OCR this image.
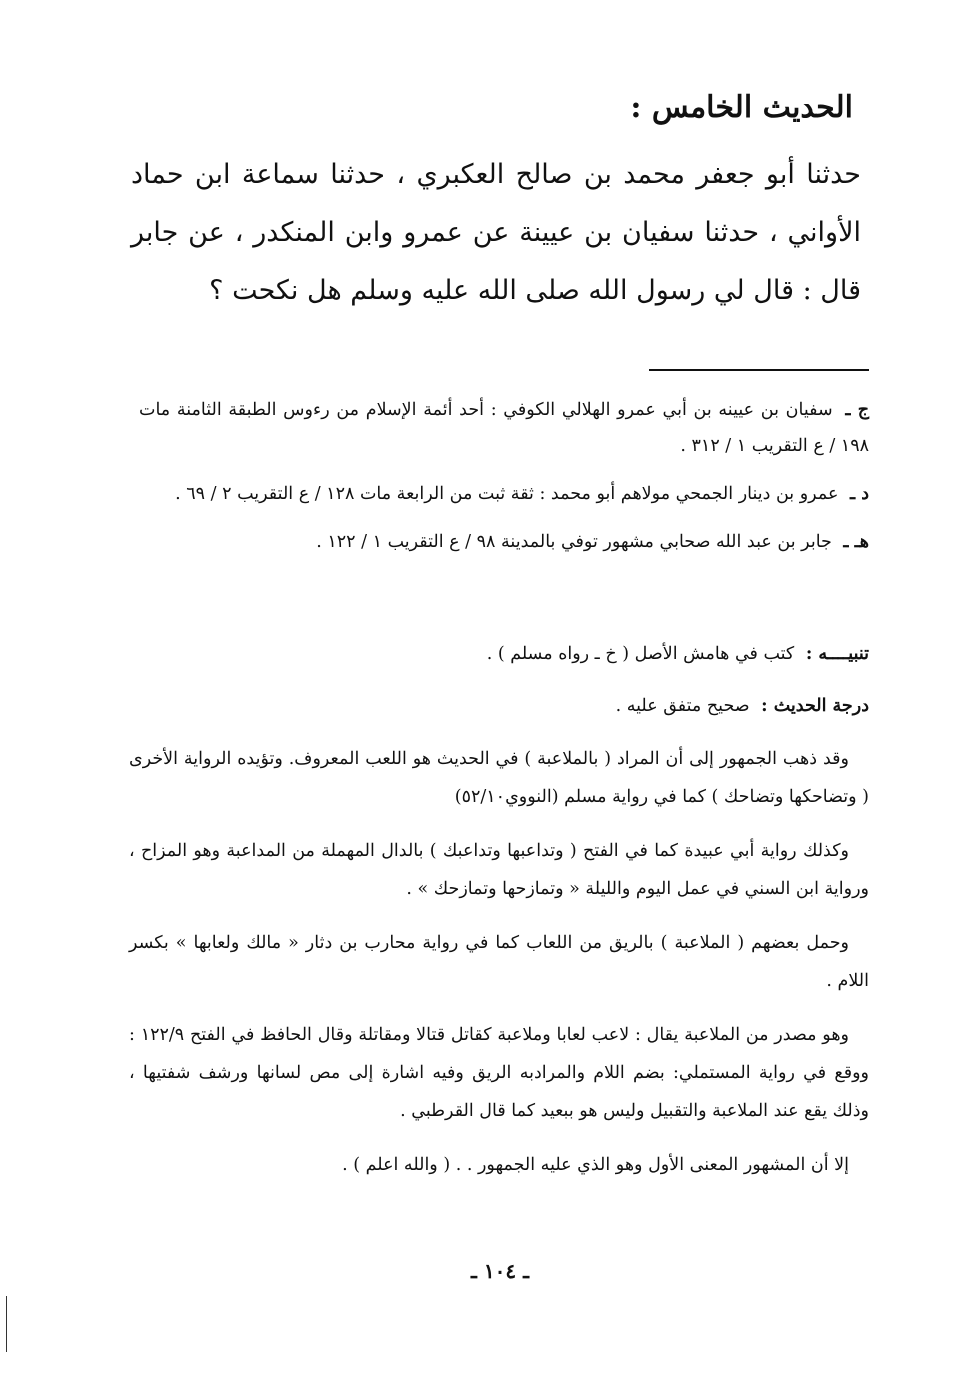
الحديث الخامس :
حدثنا أبو جعفر محمد بن صالح العكبري ، حدثنا سماعة ابن حماد الأواني ، حدثنا سفيان بن عيينة عن عمرو وابن المنكدر ، عن جابر قال : قال لي رسول الله صلى الله عليه وسلم هل نكحت ؟

ج ـ سفيان بن عيينه بن أبي عمرو الهلالي الكوفي : أحد أئمة الإسلام من رءوس الطبقة الثامنة مات ١٩٨ / ع التقريب ١ / ٣١٢ .

د ـ عمرو بن دينار الجمحي مولاهم أبو محمد : ثقة ثبت من الرابعة مات ١٢٨ / ع التقريب ٢ / ٦٩ .

هـ ـ جابر بن عبد الله صحابي مشهور توفي بالمدينة ٩٨ / ع التقريب ١ / ١٢٢ .

تنبيــــه : كتب في هامش الأصل ( خ ـ رواه مسلم ) .

درجة الحديث : صحيح متفق عليه .

وقد ذهب الجمهور إلى أن المراد ( بالملاعبة ) في الحديث هو اللعب المعروف. وتؤيده الرواية الأخرى ( وتضاحكها وتضاحك ) كما في رواية مسلم (النووي٥٢/١٠)

وكذلك رواية أبي عبيدة كما في الفتح ( وتداعبها وتداعبك ) بالدال المهملة من المداعبة وهو المزاح ، ورواية ابن السني في عمل اليوم والليلة « وتمازحها وتمازحك » .

وحمل بعضهم ( الملاعبة ) بالريق من اللعاب كما في رواية محارب بن دثار « مالك ولعابها » بكسر اللام .

وهو مصدر من الملاعبة يقال : لاعب لعابا وملاعبة كقاتل قتالا ومقاتلة وقال الحافظ في الفتح ١٢٢/٩ : ووقع في رواية المستملي: بضم اللام والمرادبه الريق وفيه اشارة إلى مص لسانها ورشف شفتيها ، وذلك يقع عند الملاعبة والتقبيل وليس هو ببعيد كما قال القرطبي .

إلا أن المشهور المعنى الأول وهو الذي عليه الجمهور . . ( والله اعلم ) .

ـ ١٠٤ ـ
